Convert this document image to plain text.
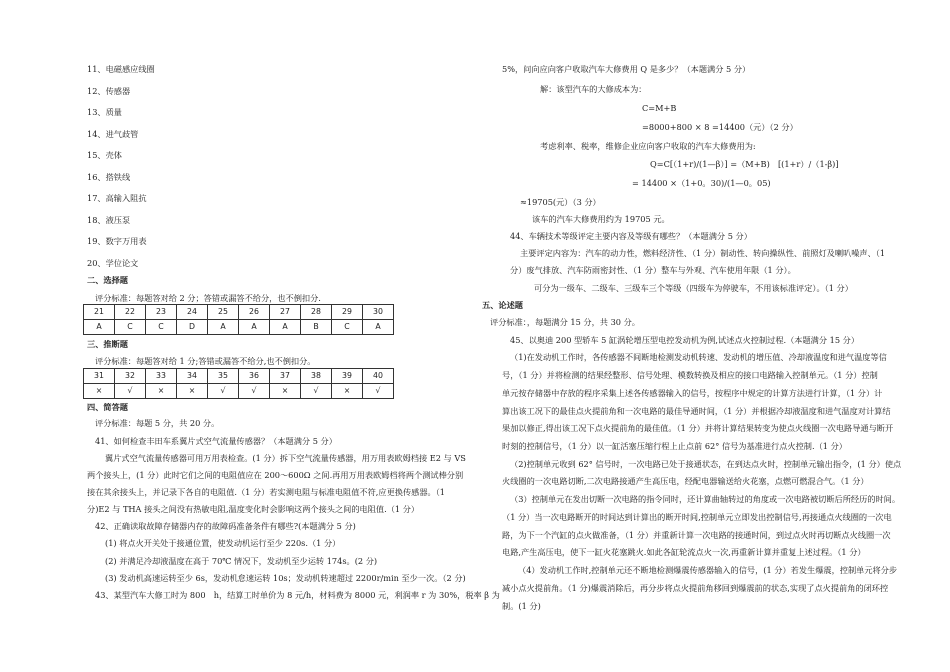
11、电磁感应线圈
12、传感器
13、质量
14、进气歧管
15、壳体
16、搭铁线
17、高输入阻抗
18、液压泵
19、数字万用表
20、学位论文
二、选择题
评分标准：每题答对给 2 分；答错或漏答不给分，也不倒扣分.
21	22	23	24	25	26	27	28	29	30
A	C	C	D	A	A	A	B	C	A
三、推断题
评分标准：每题答对给 1 分;答错或漏答不给分,也不倒扣分。
31	32	33	34	35	36	37	38	39	40
×	√	×	×	√	√	×	√	×	√
四、简答题
评分标准：每题 5 分，共 20 分。
41、如何检查丰田车系翼片式空气流量传感器？（本题满分 5 分）
翼片式空气流量传感器可用万用表检查。(1 分）拆下空气流量传感器，用万用表欧姆档接 E2 与 VS
两个接头上，(1 分）此时它们之间的电阻值应在 200～600Ω 之间.再用万用表欧姆档将两个测试棒分别
接在其余接头上，并记录下各自的电阻值.（1 分）若实测电阻与标准电阻值不符,应更换传感器。（1
分)E2 与 THA 接头之间没有热敏电阻,温度变化时会影响这两个接头之间的电阻值.（1 分）
42、正确读取故障存储器内存的故障码准备条件有哪些?(本题满分 5 分)
(1) 将点火开关处于接通位置，使发动机运行至少 220s.（1 分）
(2) 并满足冷却液温度在高于 70℃ 情况下，发动机至少运转 174s。(2 分)
(3) 发动机高速运转至少 6s，发动机怠速运转 10s；发动机转速超过 2200r/min 至少一次。（2 分)
43、某型汽车大修工时为 800　h，结算工时单价为 8 元/h，材料费为 8000 元，利润率 r 为 30%，税率 β 为
5%，问向应向客户收取汽车大修费用 Q 是多少？（本题满分 5 分）
解：该型汽车的大修成本为：
C=M+B
=8000+800 × 8 =14400（元）（2 分）
考虑利率、税率，维修企业应向客户收取的汽车大修费用为:
Q=C[（1+r)/(1—β）] =（M+B)　[(1+r）/（1-β)]
= 14400 ×（1+0。30)/(1—0。05)
≈19705(元）（3 分）
该车的汽车大修费用约为 19705 元。
44、车辆技术等级评定主要内容及等级有哪些？（本题满分 5 分）
主要评定内容为：汽车的动力性，燃料经济性、（1 分）制动性、转向操纵性、前照灯及喇叭噪声、（1
分）废气排放、汽车防雨密封性、（1 分）整车与外观、汽车使用年限（1 分）。
可分为一级车、二级车、三级车三个等级（四级车为停驶车，不用该标准评定）。（1 分）
五、论述题
评分标准：，每题满分 15 分，共 30 分。
45、以奥迪 200 型轿车 5 缸涡轮增压型电控发动机为例,试述点火控制过程.（本题满分 15 分）
（1)在发动机工作时，各传感器不间断地检测发动机转速、发动机的增压值、冷却液温度和进气温度等信
号，（1 分）并将检测的结果经整形、信号处理、模数转换及相应的接口电路输入控制单元。（1 分）控制
单元按存储器中存放的程序采集上述各传感器输入的信号，按程序中规定的计算方法进行计算，（1 分）计
算出该工况下的最佳点火提前角和一次电路的最佳导通时间，（1 分）并根据冷却液温度和进气温度对计算结
果加以修正,得出该工况下点火提前角的最佳值。（1 分）并将计算结果转变为使点火线圈一次电路导通与断开
时刻的控制信号，（1 分）以一缸活塞压缩行程上止点前 62° 信号为基准进行点火控制.（1 分）
（2)控制单元收到 62° 信号时，一次电路已处于接通状态，在到达点火时，控制单元输出指令，(1 分）使点
火线圈的一次电路切断,二次电路接通产生高压电，经配电器输送给火花塞，点燃可燃混合气。（1 分）
（3）控制单元在发出切断一次电路的指令同时，还计算曲轴转过的角度或一次电路被切断后所经历的时间。
（1 分）当一次电路断开的时间达到计算出的断开时间,控制单元立即发出控制信号,再接通点火线圈的一次电
路，为下一个汽缸的点火做准备，（1 分）并重新计算一次电路的接通时间，到过点火时再切断点火线圈一次
电路,产生高压电，使下一缸火花塞跳火.如此各缸轮流点火一次,再重新计算并重复上述过程。（1 分）
（4）发动机工作时,控制单元还不断地检测爆震传感器输入的信号，(1 分）若发生爆震，控制单元将分步
减小点火提前角。（1 分)爆震消除后，再分步将点火提前角移回到爆震前的状态,实现了点火提前角的闭环控
制。(1 分)
